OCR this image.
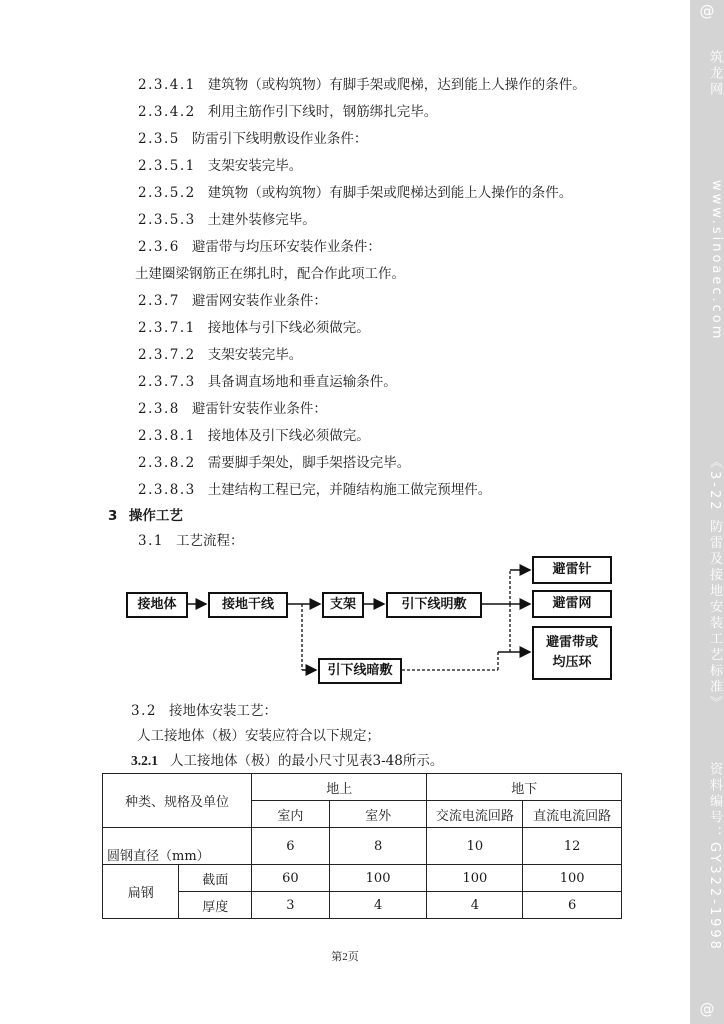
2.3.4.1 建筑物（或构筑物）有脚手架或爬梯，达到能上人操作的条件。
2.3.4.2 利用主筋作引下线时，钢筋绑扎完毕。
2.3.5 防雷引下线明敷设作业条件：
2.3.5.1 支架安装完毕。
2.3.5.2 建筑物（或构筑物）有脚手架或爬梯达到能上人操作的条件。
2.3.5.3 土建外装修完毕。
2.3.6 避雷带与均压环安装作业条件：
土建圈梁钢筋正在绑扎时，配合作此项工作。
2.3.7 避雷网安装作业条件：
2.3.7.1 接地体与引下线必须做完。
2.3.7.2 支架安装完毕。
2.3.7.3 具备调直场地和垂直运输条件。
2.3.8 避雷针安装作业条件：
2.3.8.1 接地体及引下线必须做完。
2.3.8.2 需要脚手架处，脚手架搭设完毕。
2.3.8.3 土建结构工程已完，并随结构施工做完预埋件。
3 操作工艺
3.1 工艺流程：
接地体	接地干线	支架	引下线明敷
引下线暗敷
避雷针
避雷网
避雷带或
均压环
3.2 接地体安装工艺：
人工接地体（极）安装应符合以下规定；
3.2.1 人工接地体（极）的最小尺寸见表3-48所示。
种类、规格及单位		地上		地下	
		室内	室外	交流电流回路	直流电流回路
圆钢直径（mm）		6	8	10	12
扁钢	截面	60	100	100	100
	厚度	3	4	4	6
第2页
@
筑龙网
www.sinoaec.com
《3-22 防雷及接地安装工艺标准》
资料编号：GY322-1998
@
